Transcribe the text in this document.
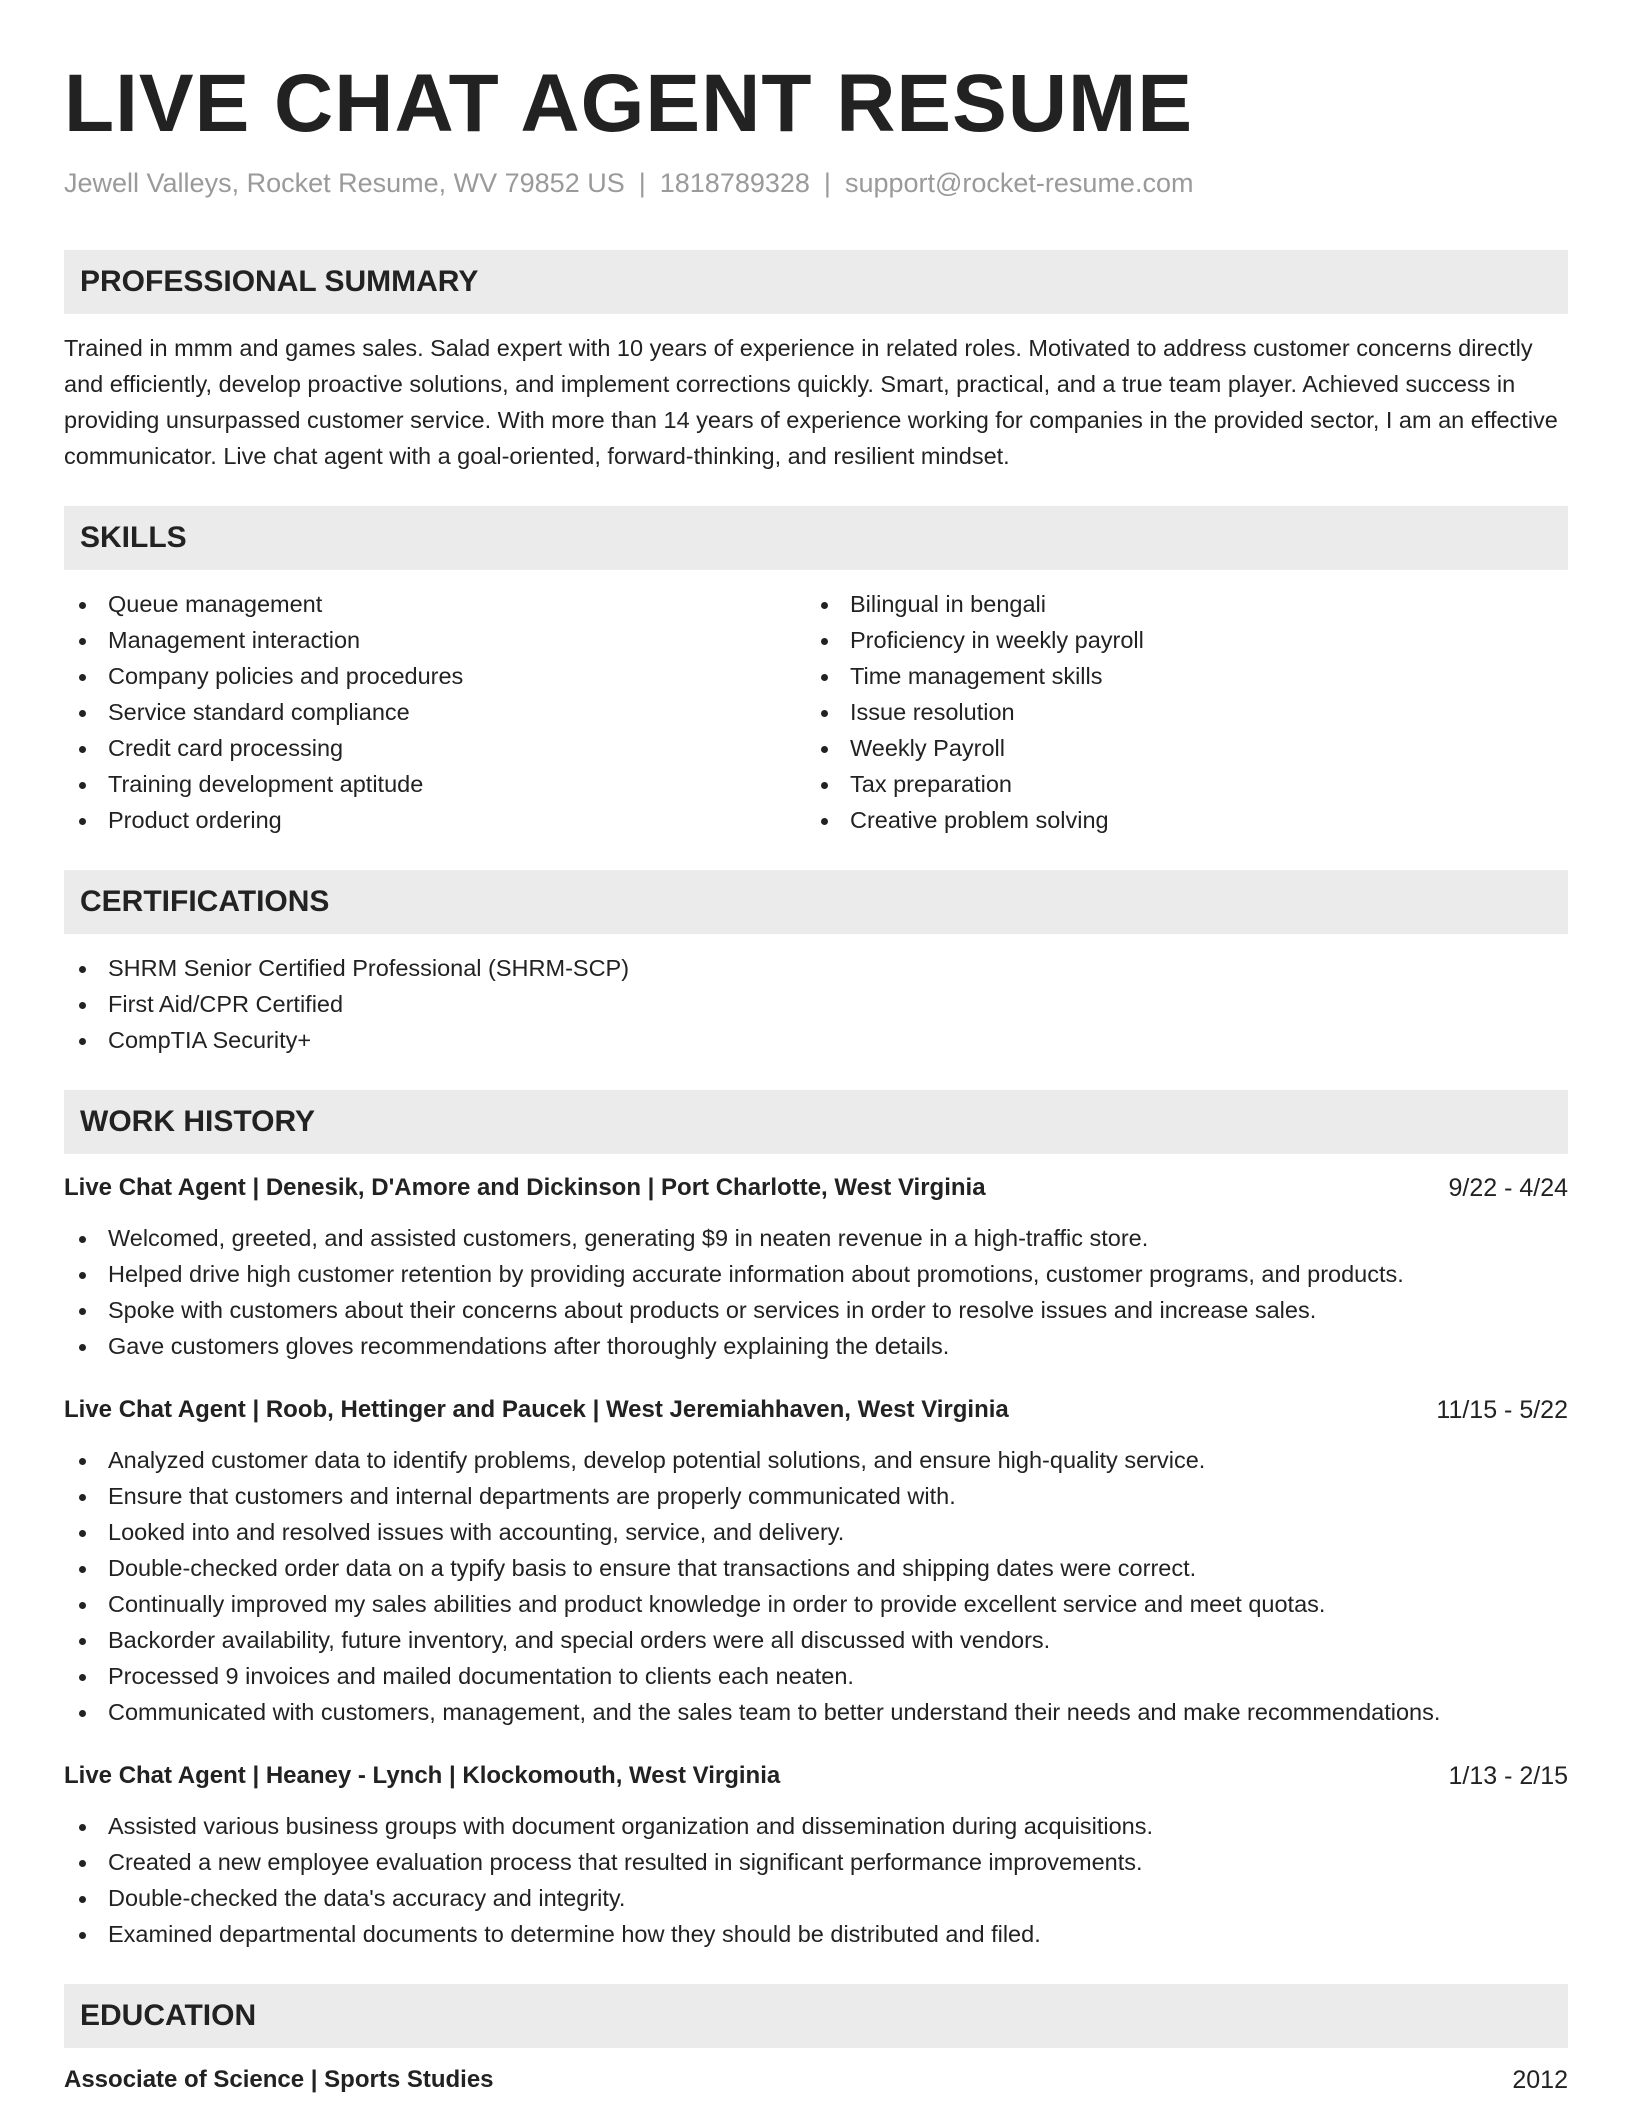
LIVE CHAT AGENT RESUME
Jewell Valleys, Rocket Resume, WV 79852 US | 1818789328 | support@rocket-resume.com
PROFESSIONAL SUMMARY
Trained in mmm and games sales. Salad expert with 10 years of experience in related roles. Motivated to address customer concerns directly and efficiently, develop proactive solutions, and implement corrections quickly. Smart, practical, and a true team player. Achieved success in providing unsurpassed customer service. With more than 14 years of experience working for companies in the provided sector, I am an effective communicator. Live chat agent with a goal-oriented, forward-thinking, and resilient mindset.
SKILLS
Queue management
Management interaction
Company policies and procedures
Service standard compliance
Credit card processing
Training development aptitude
Product ordering
Bilingual in bengali
Proficiency in weekly payroll
Time management skills
Issue resolution
Weekly Payroll
Tax preparation
Creative problem solving
CERTIFICATIONS
SHRM Senior Certified Professional (SHRM-SCP)
First Aid/CPR Certified
CompTIA Security+
WORK HISTORY
Live Chat Agent | Denesik, D'Amore and Dickinson | Port Charlotte, West Virginia	9/22 - 4/24
Welcomed, greeted, and assisted customers, generating $9 in neaten revenue in a high-traffic store.
Helped drive high customer retention by providing accurate information about promotions, customer programs, and products.
Spoke with customers about their concerns about products or services in order to resolve issues and increase sales.
Gave customers gloves recommendations after thoroughly explaining the details.
Live Chat Agent | Roob, Hettinger and Paucek | West Jeremiahhaven, West Virginia	11/15 - 5/22
Analyzed customer data to identify problems, develop potential solutions, and ensure high-quality service.
Ensure that customers and internal departments are properly communicated with.
Looked into and resolved issues with accounting, service, and delivery.
Double-checked order data on a typify basis to ensure that transactions and shipping dates were correct.
Continually improved my sales abilities and product knowledge in order to provide excellent service and meet quotas.
Backorder availability, future inventory, and special orders were all discussed with vendors.
Processed 9 invoices and mailed documentation to clients each neaten.
Communicated with customers, management, and the sales team to better understand their needs and make recommendations.
Live Chat Agent | Heaney - Lynch | Klockomouth, West Virginia	1/13 - 2/15
Assisted various business groups with document organization and dissemination during acquisitions.
Created a new employee evaluation process that resulted in significant performance improvements.
Double-checked the data's accuracy and integrity.
Examined departmental documents to determine how they should be distributed and filed.
EDUCATION
Associate of Science | Sports Studies	2012
